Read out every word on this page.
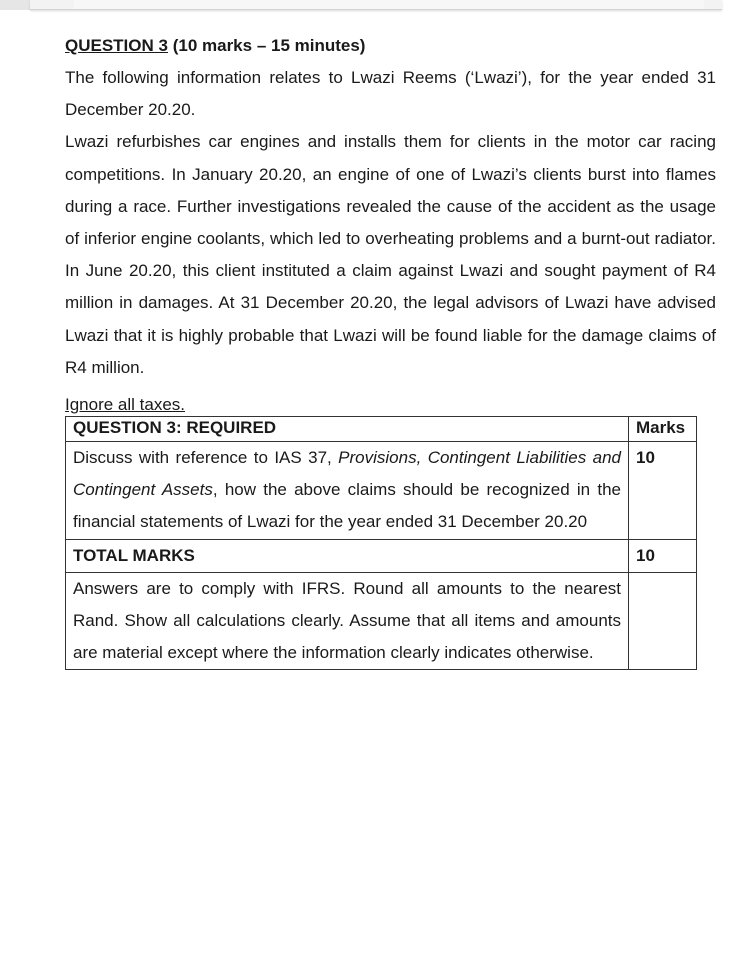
QUESTION 3 (10 marks – 15 minutes)

The following information relates to Lwazi Reems (‘Lwazi’), for the year ended 31 December 20.20.

Lwazi refurbishes car engines and installs them for clients in the motor car racing competitions. In January 20.20, an engine of one of Lwazi’s clients burst into flames during a race. Further investigations revealed the cause of the accident as the usage of inferior engine coolants, which led to overheating problems and a burnt-out radiator. In June 20.20, this client instituted a claim against Lwazi and sought payment of R4 million in damages. At 31 December 20.20, the legal advisors of Lwazi have advised Lwazi that it is highly probable that Lwazi will be found liable for the damage claims of R4 million.

Ignore all taxes.

QUESTION 3: REQUIRED	Marks
Discuss with reference to IAS 37, Provisions, Contingent Liabilities and Contingent Assets, how the above claims should be recognized in the financial statements of Lwazi for the year ended 31 December 20.20	10
TOTAL MARKS	10
Answers are to comply with IFRS. Round all amounts to the nearest Rand. Show all calculations clearly. Assume that all items and amounts are material except where the information clearly indicates otherwise.	
